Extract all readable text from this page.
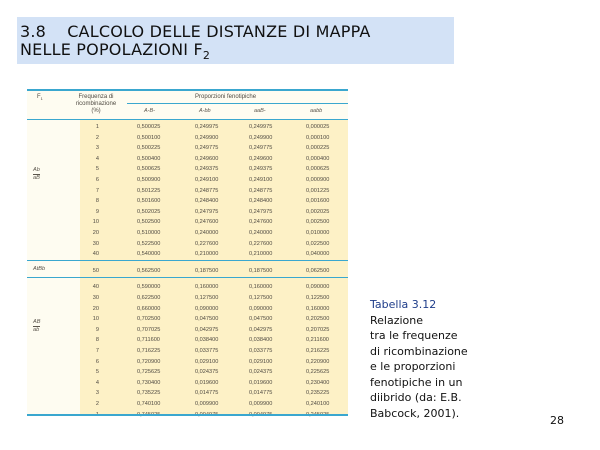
3.8    CALCOLO DELLE DISTANZE DI MAPPA
NELLE POPOLAZIONI $F_2$
$F_1$	Frequenza di
ricombinazione
(%)
Proporzioni fenotipiche
A-B-	A-bb	aaB-	aabb
Ab
aB
AtBb
AB
ab
1	0,500025	0,249975	0,249975	0,000025
2	0,500100	0,249900	0,249900	0,000100
3	0,500225	0,249775	0,249775	0,000225
4	0,500400	0,249600	0,249600	0,000400
5	0,500625	0,249375	0,249375	0,000625
6	0,500900	0,249100	0,249100	0,000900
7	0,501225	0,248775	0,248775	0,001225
8	0,501600	0,248400	0,248400	0,001600
9	0,502025	0,247975	0,247975	0,002025
10	0,502500	0,247600	0,247600	0,002500
20	0,510000	0,240000	0,240000	0,010000
30	0,522500	0,227600	0,227600	0,022500
40	0,540000	0,210000	0,210000	0,040000
50	0,562500	0,187500	0,187500	0,062500
40	0,590000	0,160000	0,160000	0,090000
30	0,622500	0,127500	0,127500	0,122500
20	0,660000	0,090000	0,090000	0,160000
10	0,702500	0,047500	0,047500	0,202500
9	0,707025	0,042975	0,042975	0,207025
8	0,711600	0,038400	0,038400	0,211600
7	0,716225	0,033775	0,033775	0,216225
6	0,720900	0,029100	0,029100	0,220900
5	0,725625	0,024375	0,024375	0,225625
4	0,730400	0,019600	0,019600	0,230400
3	0,735225	0,014775	0,014775	0,235225
2	0,740100	0,009900	0,009900	0,240100
Tabella 3.12
Relazione
tra le frequenze
di ricombinazione
e le proporzioni
fenotipiche in un
diibrido (da: E.B.
Babcock, 2001).
28
